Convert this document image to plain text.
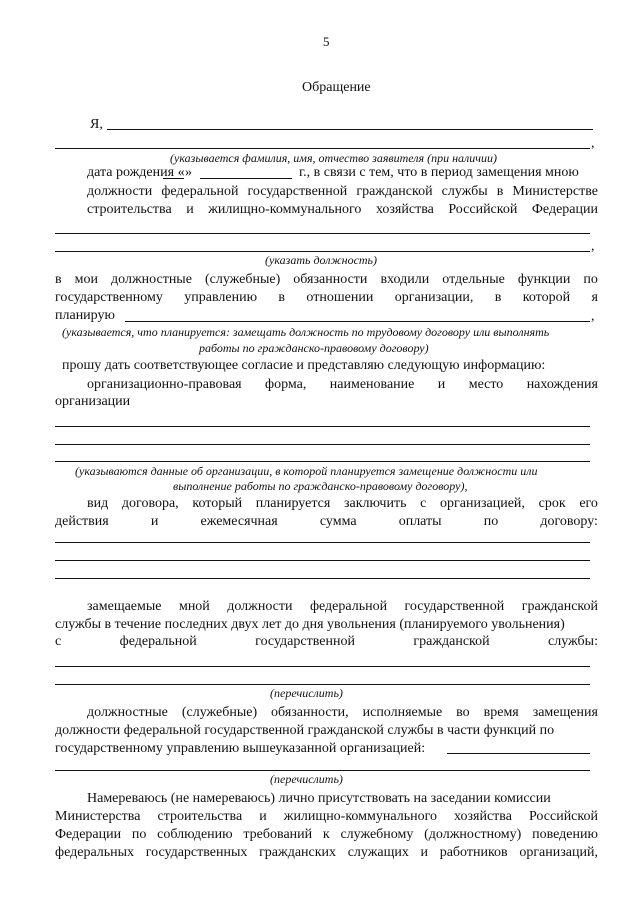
5
Обращение
Я,
,
(указывается фамилия, имя, отчество заявителя (при наличии)
дата рождения « »	г., в связи с тем, что в период замещения мною
должности федеральной государственной гражданской службы в Министерстве
строительства и жилищно-коммунального хозяйства Российской Федерации
,
(указать должность)
в мои должностные (служебные) обязанности входили отдельные функции по
государственному управлению в отношении организации, в которой я
планирую	,
(указывается, что планируется: замещать должность по трудовому договору или выполнять
работы по гражданско-правовому договору)
прошу дать соответствующее согласие и представляю следующую информацию:
организационно-правовая форма, наименование и место нахождения
организации
(указываются данные об организации, в которой планируется замещение должности или
выполнение работы по гражданско-правовому договору),
вид договора, который планируется заключить с организацией, срок его
действия	и	ежемесячная	сумма	оплаты	по	договору:
замещаемые мной должности федеральной государственной гражданской
службы в течение последних двух лет до дня увольнения (планируемого увольнения)
с	федеральной	государственной	гражданской	службы:
(перечислить)
должностные (служебные) обязанности, исполняемые во время замещения
должности федеральной государственной гражданской службы в части функций по
государственному управлению вышеуказанной организацией:
(перечислить)
Намереваюсь (не намереваюсь) лично присутствовать на заседании комиссии
Министерства строительства и жилищно-коммунального хозяйства Российской
Федерации по соблюдению требований к служебному (должностному) поведению
федеральных государственных гражданских служащих и работников организаций,
